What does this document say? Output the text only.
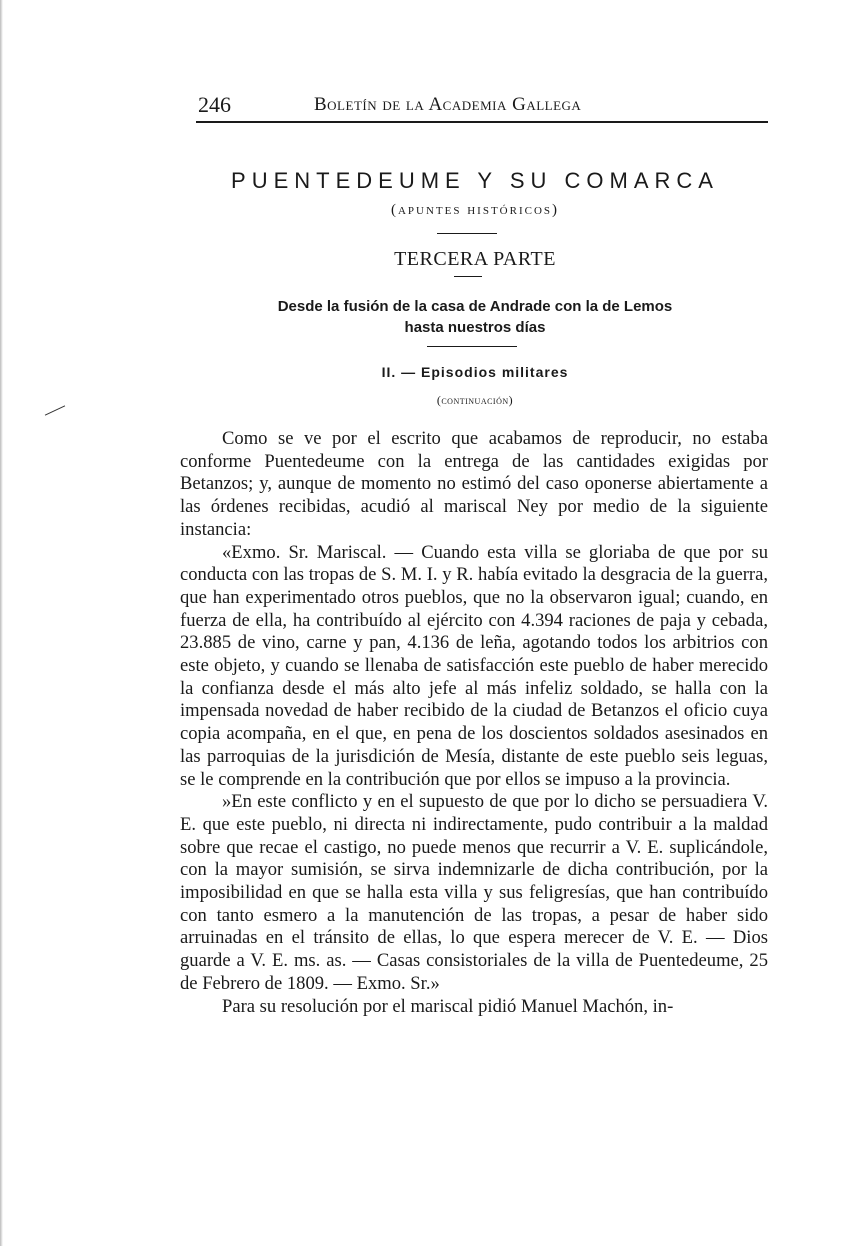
246	Boletín de la Academia Gallega
PUENTEDEUME Y SU COMARCA
(apuntes históricos)
TERCERA PARTE
Desde la fusión de la casa de Andrade con la de Lemos
hasta nuestros días
II. — Episodios militares
(continuación)

Como se ve por el escrito que acabamos de reproducir, no estaba conforme Puentedeume con la entrega de las cantidades exigidas por Betanzos; y, aunque de momento no estimó del caso oponerse abiertamente a las órdenes recibidas, acudió al mariscal Ney por medio de la siguiente instancia:

«Exmo. Sr. Mariscal. — Cuando esta villa se gloriaba de que por su conducta con las tropas de S. M. I. y R. había evitado la desgracia de la guerra, que han experimentado otros pueblos, que no la observaron igual; cuando, en fuerza de ella, ha contribuído al ejército con 4.394 raciones de paja y cebada, 23.885 de vino, carne y pan, 4.136 de leña, agotando todos los arbitrios con este objeto, y cuando se llenaba de satisfacción este pueblo de haber merecido la confianza desde el más alto jefe al más infeliz soldado, se halla con la impensada novedad de haber recibido de la ciudad de Betanzos el oficio cuya copia acompaña, en el que, en pena de los doscientos soldados asesinados en las parroquias de la jurisdición de Mesía, distante de este pueblo seis leguas, se le comprende en la contribución que por ellos se impuso a la provincia.

»En este conflicto y en el supuesto de que por lo dicho se persuadiera V. E. que este pueblo, ni directa ni indirectamente, pudo contribuir a la maldad sobre que recae el castigo, no puede menos que recurrir a V. E. suplicándole, con la mayor sumisión, se sirva indemnizarle de dicha contribución, por la imposibilidad en que se halla esta villa y sus feligresías, que han contribuído con tanto esmero a la manutención de las tropas, a pesar de haber sido arruinadas en el tránsito de ellas, lo que espera merecer de V. E. — Dios guarde a V. E. ms. as. — Casas consistoriales de la villa de Puentedeume, 25 de Febrero de 1809. — Exmo. Sr.»

Para su resolución por el mariscal pidió Manuel Machón, in-
